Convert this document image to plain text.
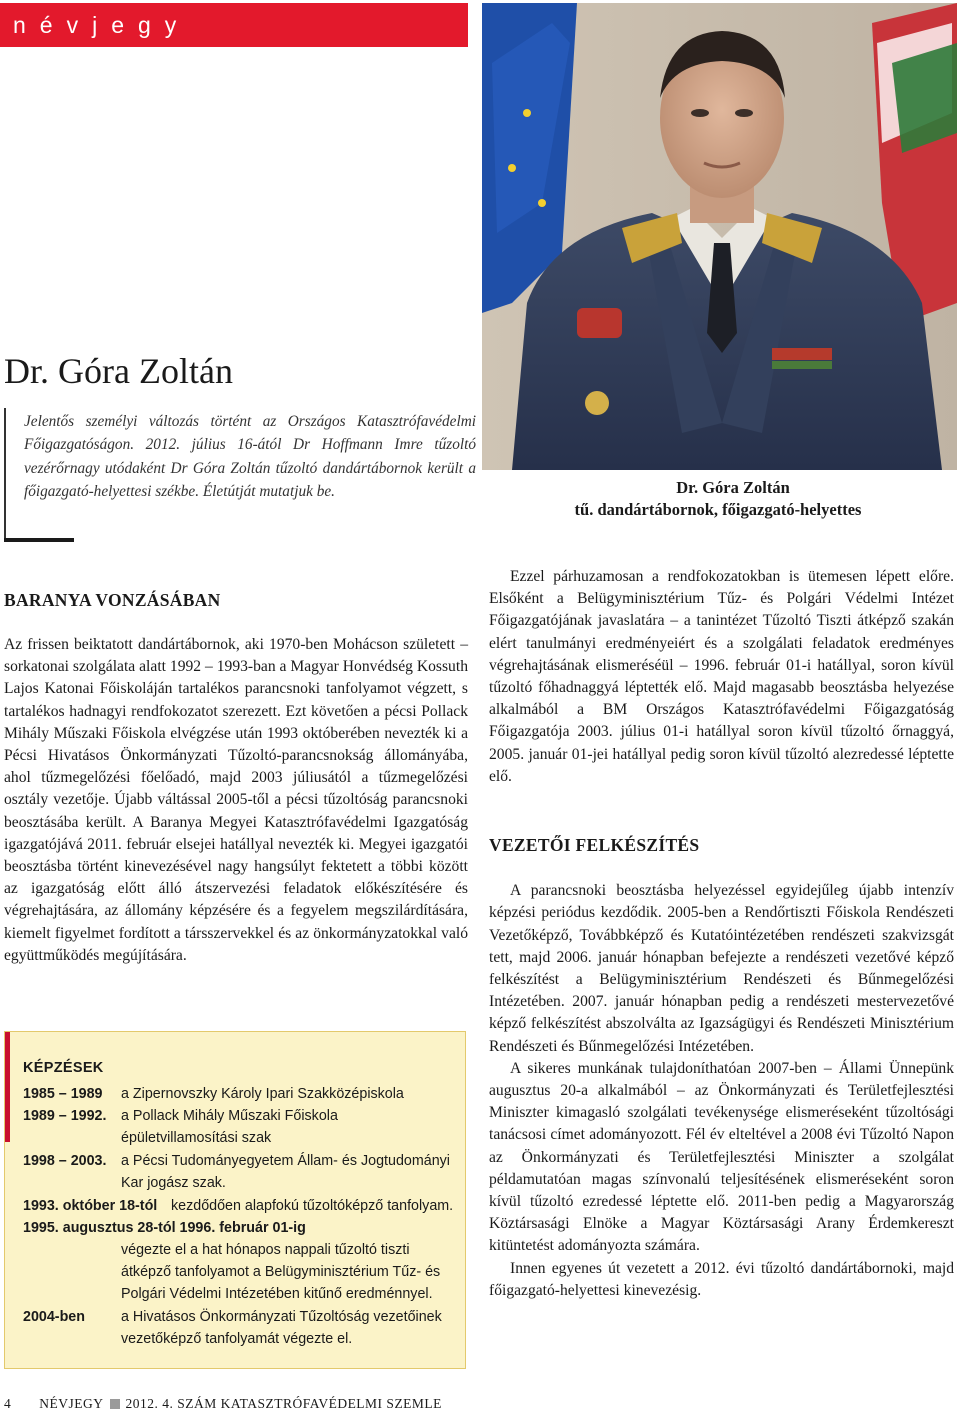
névjegy
Dr. Góra Zoltán
tű. dandártábornok, főigazgató-helyettes
Dr. Góra Zoltán
Jelentős személyi változás történt az Országos Katasztrófavédelmi Főigazgatóságon. 2012. július 16-ától Dr Hoffmann Imre tűzoltó vezérőrnagy utódaként Dr Góra Zoltán tűzoltó dandártábornok került a főigazgató-helyettesi székbe. Életútját mutatjuk be.
BARANYA VONZÁSÁBAN

Az frissen beiktatott dandártábornok, aki 1970-ben Mohácson született – sorkatonai szolgálata alatt 1992 – 1993-ban a Magyar Honvédség Kossuth Lajos Katonai Főiskoláján tartalékos parancsnoki tanfolyamot végzett, s tartalékos hadnagyi rendfokozatot szerezett. Ezt követően a pécsi Pollack Mihály Műszaki Főiskola elvégzése után 1993 októberében nevezték ki a Pécsi Hivatásos Önkormányzati Tűzoltó-parancsnokság állományába, ahol tűzmegelőzési főelőadó, majd 2003 júliusától a tűzmegelőzési osztály vezetője. Újabb váltással 2005-től a pécsi tűzoltóság parancsnoki beosztásába került. A Baranya Megyei Katasztrófavédelmi Igazgatóság igazgatójává 2011. február elsejei hatállyal nevezték ki. Megyei igazgatói beosztásba történt kinevezésével nagy hangsúlyt fektetett a többi között az igazgatóság előtt álló átszervezési feladatok előkészítésére és végrehajtására, az állomány képzésére és a fegyelem megszilárdítására, kiemelt figyelmet fordított a társszervekkel és az önkormányzatokkal való együttműködés megújítására.

KÉPZÉSEK
1985 – 1989 a Zipernovszky Károly Ipari Szakközépiskola
1989 – 1992. a Pollack Mihály Műszaki Főiskola épületvillamosítási szak
1998 – 2003. a Pécsi Tudományegyetem Állam- és Jogtudományi Kar jogász szak.
1993. október 18-tól kezdődően alapfokú tűzoltóképző tanfolyam.
1995. augusztus 28-tól 1996. február 01-ig
végezte el a hat hónapos nappali tűzoltó tiszti átképző tanfolyamot a Belügyminisztérium Tűz- és Polgári Védelmi Intézetében kitűnő eredménnyel.
2004-ben	a Hivatásos Önkormányzati Tűzoltóság vezetőinek vezetőképző tanfolyamát végezte el.

Ezzel párhuzamosan a rendfokozatokban is ütemesen lépett előre. Elsőként a Belügyminisztérium Tűz- és Polgári Védelmi Intézet Főigazgatójának javaslatára – a tanintézet Tűzoltó Tiszti átképző szakán elért tanulmányi eredményeiért és a szolgálati feladatok eredményes végrehajtásának elismeréséül – 1996. február 01-i hatállyal, soron kívül tűzoltó főhadnaggyá léptették elő. Majd magasabb beosztásba helyezése alkalmából a BM Országos Katasztrófavédelmi Főigazgatóság Főigazgatója 2003. július 01-i hatállyal soron kívül tűzoltó őrnaggyá, 2005. január 01-jei hatállyal pedig soron kívül tűzoltó alezredessé léptette elő.

VEZETŐI FELKÉSZÍTÉS

A parancsnoki beosztásba helyezéssel egyidejűleg újabb intenzív képzési periódus kezdődik. 2005-ben a Rendőrtiszti Főiskola Rendészeti Vezetőképző, Továbbképző és Kutatóintézetében rendészeti szakvizsgát tett, majd 2006. január hónapban befejezte a rendészeti vezetővé képző felkészítést a Belügyminisztérium Rendészeti és Bűnmegelőzési Intézetében. 2007. január hónapban pedig a rendészeti mestervezetővé képző felkészítést abszolválta az Igazságügyi és Rendészeti Minisztérium Rendészeti és Bűnmegelőzési Intézetében.

A sikeres munkának tulajdoníthatóan 2007-ben – Állami Ünnepünk augusztus 20-a alkalmából – az Önkormányzati és Területfejlesztési Miniszter kimagasló szolgálati tevékenysége elismeréseként tűzoltósági tanácsosi címet adományozott. Fél év elteltével a 2008 évi Tűzoltó Napon az Önkormányzati és Területfejlesztési Miniszter a szolgálat példamutatóan magas színvonalú teljesítésének elismeréseként soron kívül tűzoltó ezredessé léptette elő. 2011-ben pedig a Magyarország Köztársasági Elnöke a Magyar Köztársasági Arany Érdemkereszt kitüntetést adományozta számára.

Innen egyenes út vezetett a 2012. évi tűzoltó dandártábornoki, majd főigazgató-helyettesi kinevezésig.

4 NÉVJEGY 2012. 4. SZÁM KATASZTRÓFAVÉDELMI SZEMLE
